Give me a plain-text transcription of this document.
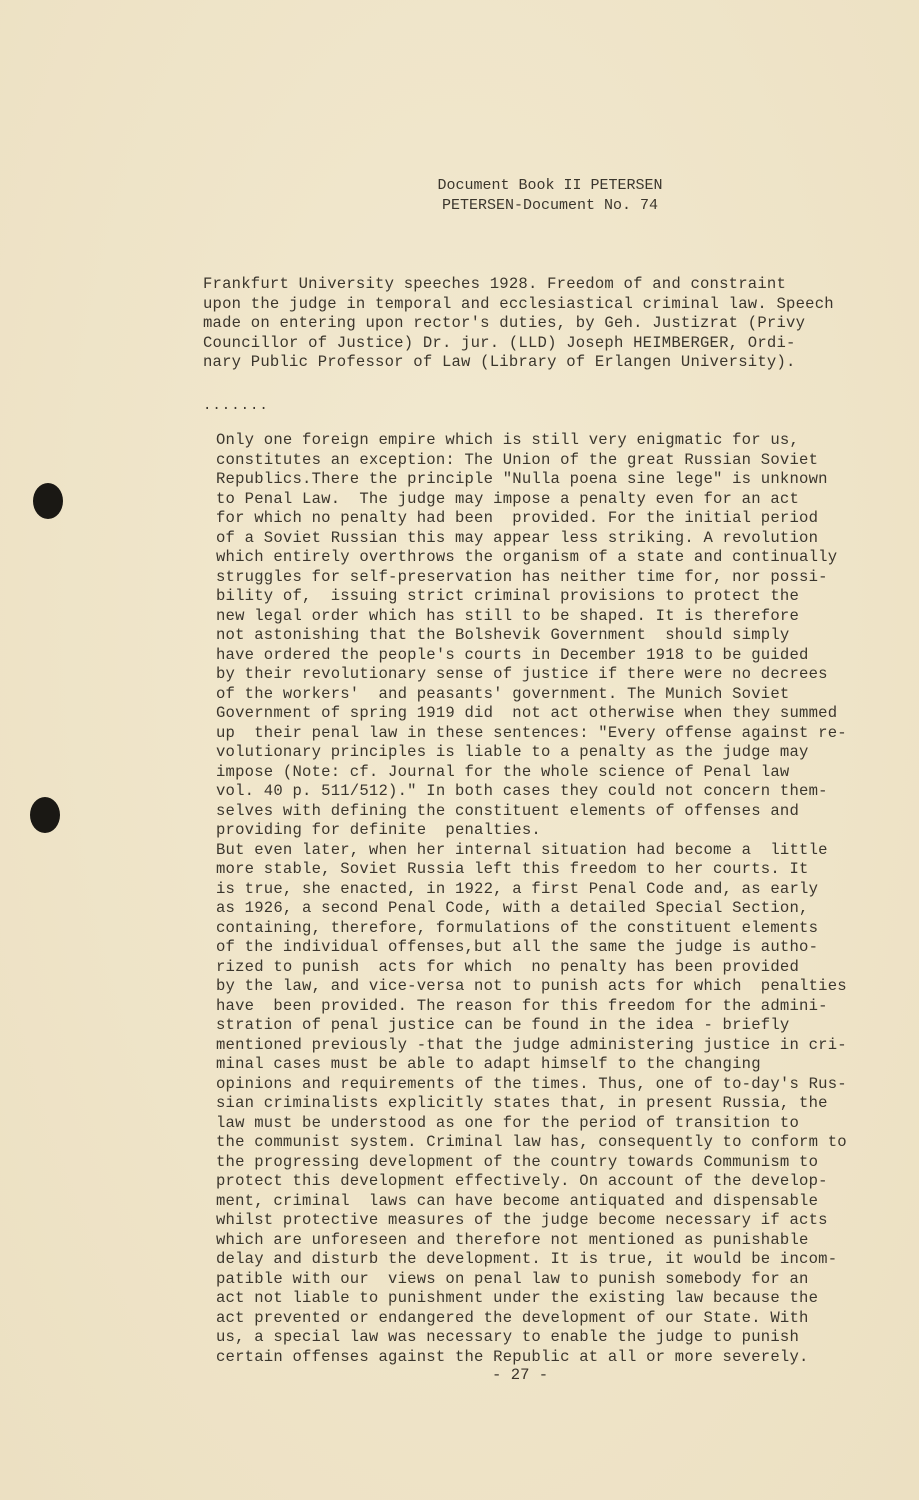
Document Book II PETERSEN
PETERSEN-Document No. 74
Frankfurt University speeches 1928. Freedom of and constraint
upon the judge in temporal and ecclesiastical criminal law. Speech
made on entering upon rector's duties, by Geh. Justizrat (Privy
Councillor of Justice) Dr. jur. (LLD) Joseph HEIMBERGER, Ordi-
nary Public Professor of Law (Library of Erlangen University).
.......
Only one foreign empire which is still very enigmatic for us,
constitutes an exception: The Union of the great Russian Soviet
Republics.There the principle "Nulla poena sine lege" is unknown
to Penal Law.  The judge may impose a penalty even for an act
for which no penalty had been  provided. For the initial period
of a Soviet Russian this may appear less striking. A revolution
which entirely overthrows the organism of a state and continually
struggles for self-preservation has neither time for, nor possi-
bility of,  issuing strict criminal provisions to protect the
new legal order which has still to be shaped. It is therefore
not astonishing that the Bolshevik Government  should simply
have ordered the people's courts in December 1918 to be guided
by their revolutionary sense of justice if there were no decrees
of the workers'  and peasants' government. The Munich Soviet
Government of spring 1919 did  not act otherwise when they summed
up  their penal law in these sentences: "Every offense against re-
volutionary principles is liable to a penalty as the judge may
impose (Note: cf. Journal for the whole science of Penal law
vol. 40 p. 511/512)." In both cases they could not concern them-
selves with defining the constituent elements of offenses and
providing for definite  penalties.
But even later, when her internal situation had become a  little
more stable, Soviet Russia left this freedom to her courts. It
is true, she enacted, in 1922, a first Penal Code and, as early
as 1926, a second Penal Code, with a detailed Special Section,
containing, therefore, formulations of the constituent elements
of the individual offenses,but all the same the judge is autho-
rized to punish  acts for which  no penalty has been provided
by the law, and vice-versa not to punish acts for which  penalties
have  been provided. The reason for this freedom for the admini-
stration of penal justice can be found in the idea - briefly
mentioned previously -that the judge administering justice in cri-
minal cases must be able to adapt himself to the changing
opinions and requirements of the times. Thus, one of to-day's Rus-
sian criminalists explicitly states that, in present Russia, the
law must be understood as one for the period of transition to
the communist system. Criminal law has, consequently to conform to
the progressing development of the country towards Communism to
protect this development effectively. On account of the develop-
ment, criminal  laws can have become antiquated and dispensable
whilst protective measures of the judge become necessary if acts
which are unforeseen and therefore not mentioned as punishable
delay and disturb the development. It is true, it would be incom-
patible with our  views on penal law to punish somebody for an
act not liable to punishment under the existing law because the
act prevented or endangered the development of our State. With
us, a special law was necessary to enable the judge to punish
certain offenses against the Republic at all or more severely.
- 27 -
